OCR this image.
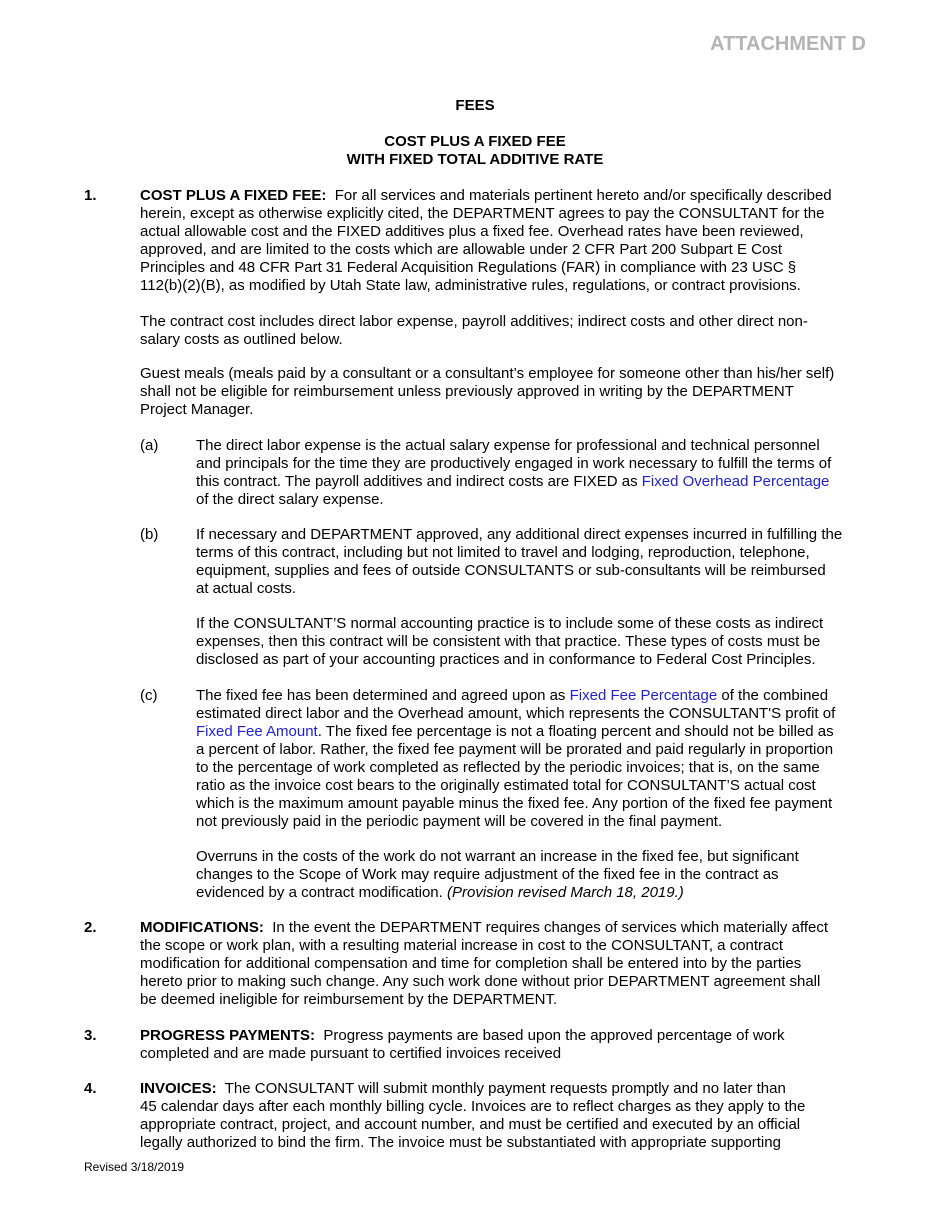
ATTACHMENT D
FEES
COST PLUS A FIXED FEE
WITH FIXED TOTAL ADDITIVE RATE
1.	COST PLUS A FIXED FEE: For all services and materials pertinent hereto and/or specifically described
herein, except as otherwise explicitly cited, the DEPARTMENT agrees to pay the CONSULTANT for the
actual allowable cost and the FIXED additives plus a fixed fee. Overhead rates have been reviewed,
approved, and are limited to the costs which are allowable under 2 CFR Part 200 Subpart E Cost
Principles and 48 CFR Part 31 Federal Acquisition Regulations (FAR) in compliance with 23 USC §
112(b)(2)(B), as modified by Utah State law, administrative rules, regulations, or contract provisions.
The contract cost includes direct labor expense, payroll additives; indirect costs and other direct non-
salary costs as outlined below.
Guest meals (meals paid by a consultant or a consultant’s employee for someone other than his/her self)
shall not be eligible for reimbursement unless previously approved in writing by the DEPARTMENT
Project Manager.
(a)	The direct labor expense is the actual salary expense for professional and technical personnel
and principals for the time they are productively engaged in work necessary to fulfill the terms of
this contract. The payroll additives and indirect costs are FIXED as Fixed Overhead Percentage
of the direct salary expense.
(b)	If necessary and DEPARTMENT approved, any additional direct expenses incurred in fulfilling the
terms of this contract, including but not limited to travel and lodging, reproduction, telephone,
equipment, supplies and fees of outside CONSULTANTS or sub-consultants will be reimbursed
at actual costs.
If the CONSULTANT’S normal accounting practice is to include some of these costs as indirect
expenses, then this contract will be consistent with that practice. These types of costs must be
disclosed as part of your accounting practices and in conformance to Federal Cost Principles.
(c)	The fixed fee has been determined and agreed upon as Fixed Fee Percentage of the combined
estimated direct labor and the Overhead amount, which represents the CONSULTANT'S profit of
Fixed Fee Amount. The fixed fee percentage is not a floating percent and should not be billed as
a percent of labor. Rather, the fixed fee payment will be prorated and paid regularly in proportion
to the percentage of work completed as reflected by the periodic invoices; that is, on the same
ratio as the invoice cost bears to the originally estimated total for CONSULTANT’S actual cost
which is the maximum amount payable minus the fixed fee. Any portion of the fixed fee payment
not previously paid in the periodic payment will be covered in the final payment.
Overruns in the costs of the work do not warrant an increase in the fixed fee, but significant
changes to the Scope of Work may require adjustment of the fixed fee in the contract as
evidenced by a contract modification. (Provision revised March 18, 2019.)
2.	MODIFICATIONS:  In the event the DEPARTMENT requires changes of services which materially affect
the scope or work plan, with a resulting material increase in cost to the CONSULTANT, a contract
modification for additional compensation and time for completion shall be entered into by the parties
hereto prior to making such change. Any such work done without prior DEPARTMENT agreement shall
be deemed ineligible for reimbursement by the DEPARTMENT.
3.	PROGRESS PAYMENTS:  Progress payments are based upon the approved percentage of work
completed and are made pursuant to certified invoices received
4.	INVOICES:  The CONSULTANT will submit monthly payment requests promptly and no later than
45 calendar days after each monthly billing cycle. Invoices are to reflect charges as they apply to the
appropriate contract, project, and account number, and must be certified and executed by an official
legally authorized to bind the firm. The invoice must be substantiated with appropriate supporting
Revised 3/18/2019
